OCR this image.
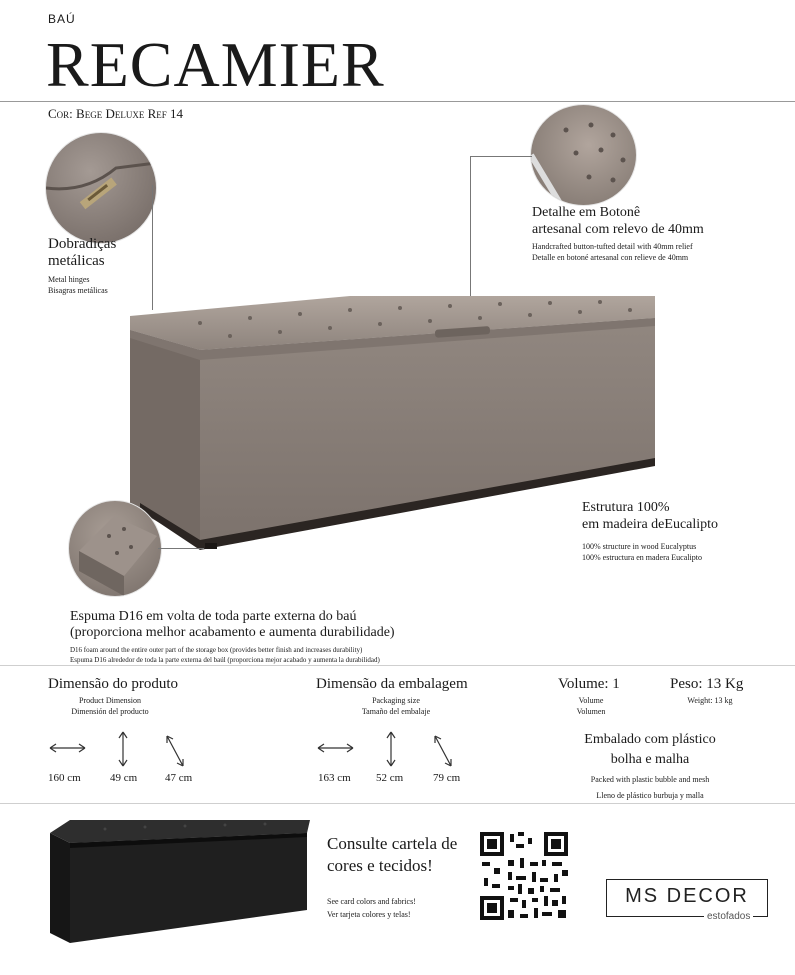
BAÚ
RECAMIER
Cor: Bege Deluxe Ref 14
Dobradiças
metálicas
Metal hinges
Bisagras metálicas
Detalhe em Botonê
artesanal com relevo de 40mm
Handcrafted button-tufted detail with 40mm relief
Detalle en botoné artesanal con relieve de 40mm
Estrutura 100%
em madeira deEucalipto
100% structure in wood Eucalyptus
100% estructura en madera Eucalipto
Espuma D16 em volta de toda parte externa do baú
(proporciona melhor acabamento e aumenta durabilidade)
D16 foam around the entire outer part of the storage box (provides better finish and increases durability)
Espuma D16 alrededor de toda la parte externa del baúl (proporciona mejor acabado y aumenta la durabilidad)
Dimensão do produto
Product Dimension
Dimensión del producto
160 cm	49 cm	47 cm
Dimensão da embalagem
Packaging size
Tamaño del embalaje
163 cm 52 cm	79 cm
Volume: 1
Volume
Volumen
Peso: 13 Kg
Weight: 13 kg
Embalado com plástico
bolha e malha
Packed with plastic bubble and mesh
Lleno de plástico burbuja y malla
Consulte cartela de
cores e tecidos!
See card colors and fabrics!
Ver tarjeta colores y telas!
MS DECOR
estofados
